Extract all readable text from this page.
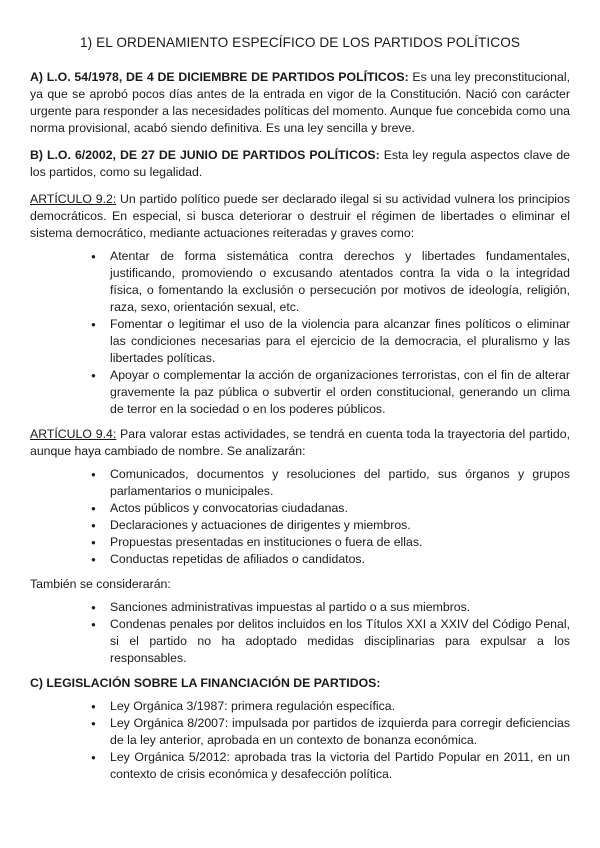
1) EL ORDENAMIENTO ESPECÍFICO DE LOS PARTIDOS POLÍTICOS

A) L.O. 54/1978, DE 4 DE DICIEMBRE DE PARTIDOS POLÍTICOS: Es una ley preconstitucional, ya que se aprobó pocos días antes de la entrada en vigor de la Constitución. Nació con carácter urgente para responder a las necesidades políticas del momento. Aunque fue concebida como una norma provisional, acabó siendo definitiva. Es una ley sencilla y breve.

B) L.O. 6/2002, DE 27 DE JUNIO DE PARTIDOS POLÍTICOS: Esta ley regula aspectos clave de los partidos, como su legalidad.

ARTÍCULO 9.2: Un partido político puede ser declarado ilegal si su actividad vulnera los principios democráticos. En especial, si busca deteriorar o destruir el régimen de libertades o eliminar el sistema democrático, mediante actuaciones reiteradas y graves como:

● Atentar de forma sistemática contra derechos y libertades fundamentales, justificando, promoviendo o excusando atentados contra la vida o la integridad física, o fomentando la exclusión o persecución por motivos de ideología, religión, raza, sexo, orientación sexual, etc.
● Fomentar o legitimar el uso de la violencia para alcanzar fines políticos o eliminar las condiciones necesarias para el ejercicio de la democracia, el pluralismo y las libertades políticas.
● Apoyar o complementar la acción de organizaciones terroristas, con el fin de alterar gravemente la paz pública o subvertir el orden constitucional, generando un clima de terror en la sociedad o en los poderes públicos.

ARTÍCULO 9.4: Para valorar estas actividades, se tendrá en cuenta toda la trayectoria del partido, aunque haya cambiado de nombre. Se analizarán:

● Comunicados, documentos y resoluciones del partido, sus órganos y grupos parlamentarios o municipales.
● Actos públicos y convocatorias ciudadanas.
● Declaraciones y actuaciones de dirigentes y miembros.
● Propuestas presentadas en instituciones o fuera de ellas.
● Conductas repetidas de afiliados o candidatos.

También se considerarán:

● Sanciones administrativas impuestas al partido o a sus miembros.
● Condenas penales por delitos incluidos en los Títulos XXI a XXIV del Código Penal, si el partido no ha adoptado medidas disciplinarias para expulsar a los responsables.

C) LEGISLACIÓN SOBRE LA FINANCIACIÓN DE PARTIDOS:

● Ley Orgánica 3/1987: primera regulación específica.
● Ley Orgánica 8/2007: impulsada por partidos de izquierda para corregir deficiencias de la ley anterior, aprobada en un contexto de bonanza económica.
● Ley Orgánica 5/2012: aprobada tras la victoria del Partido Popular en 2011, en un contexto de crisis económica y desafección política.
